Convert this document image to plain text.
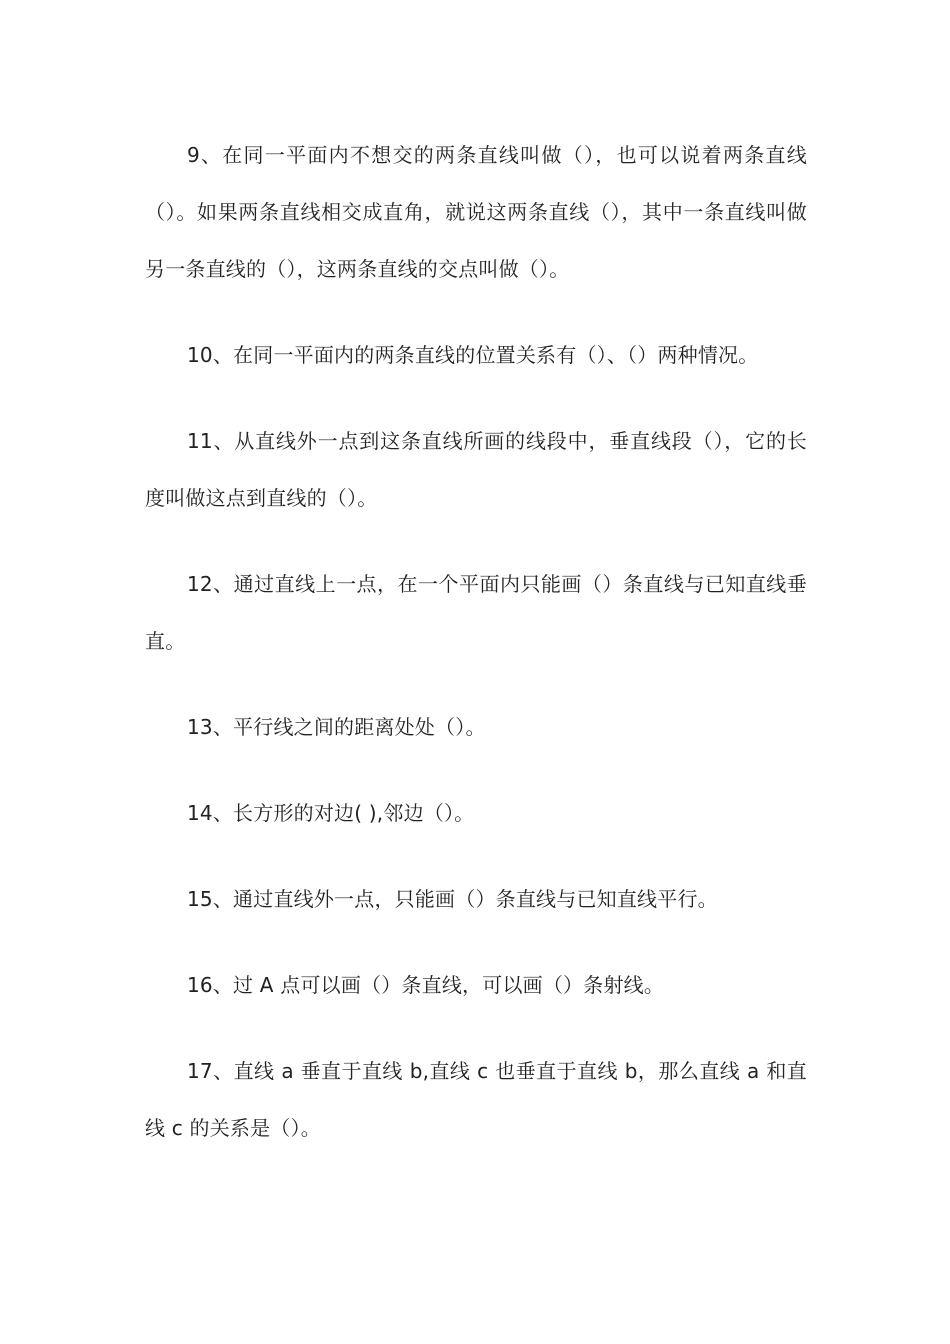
9、在同一平面内不想交的两条直线叫做（），也可以说着两条直线（）。如果两条直线相交成直角，就说这两条直线（），其中一条直线叫做另一条直线的（），这两条直线的交点叫做（）。

10、在同一平面内的两条直线的位置关系有（）、（）两种情况。

11、从直线外一点到这条直线所画的线段中，垂直线段（），它的长度叫做这点到直线的（）。

12、通过直线上一点，在一个平面内只能画（）条直线与已知直线垂直。

13、平行线之间的距离处处（）。

14、长方形的对边( ),邻边（）。

15、通过直线外一点，只能画（）条直线与已知直线平行。

16、过 A 点可以画（）条直线，可以画（）条射线。

17、直线 a 垂直于直线 b,直线 c 也垂直于直线 b，那么直线 a 和直线 c 的关系是（）。
